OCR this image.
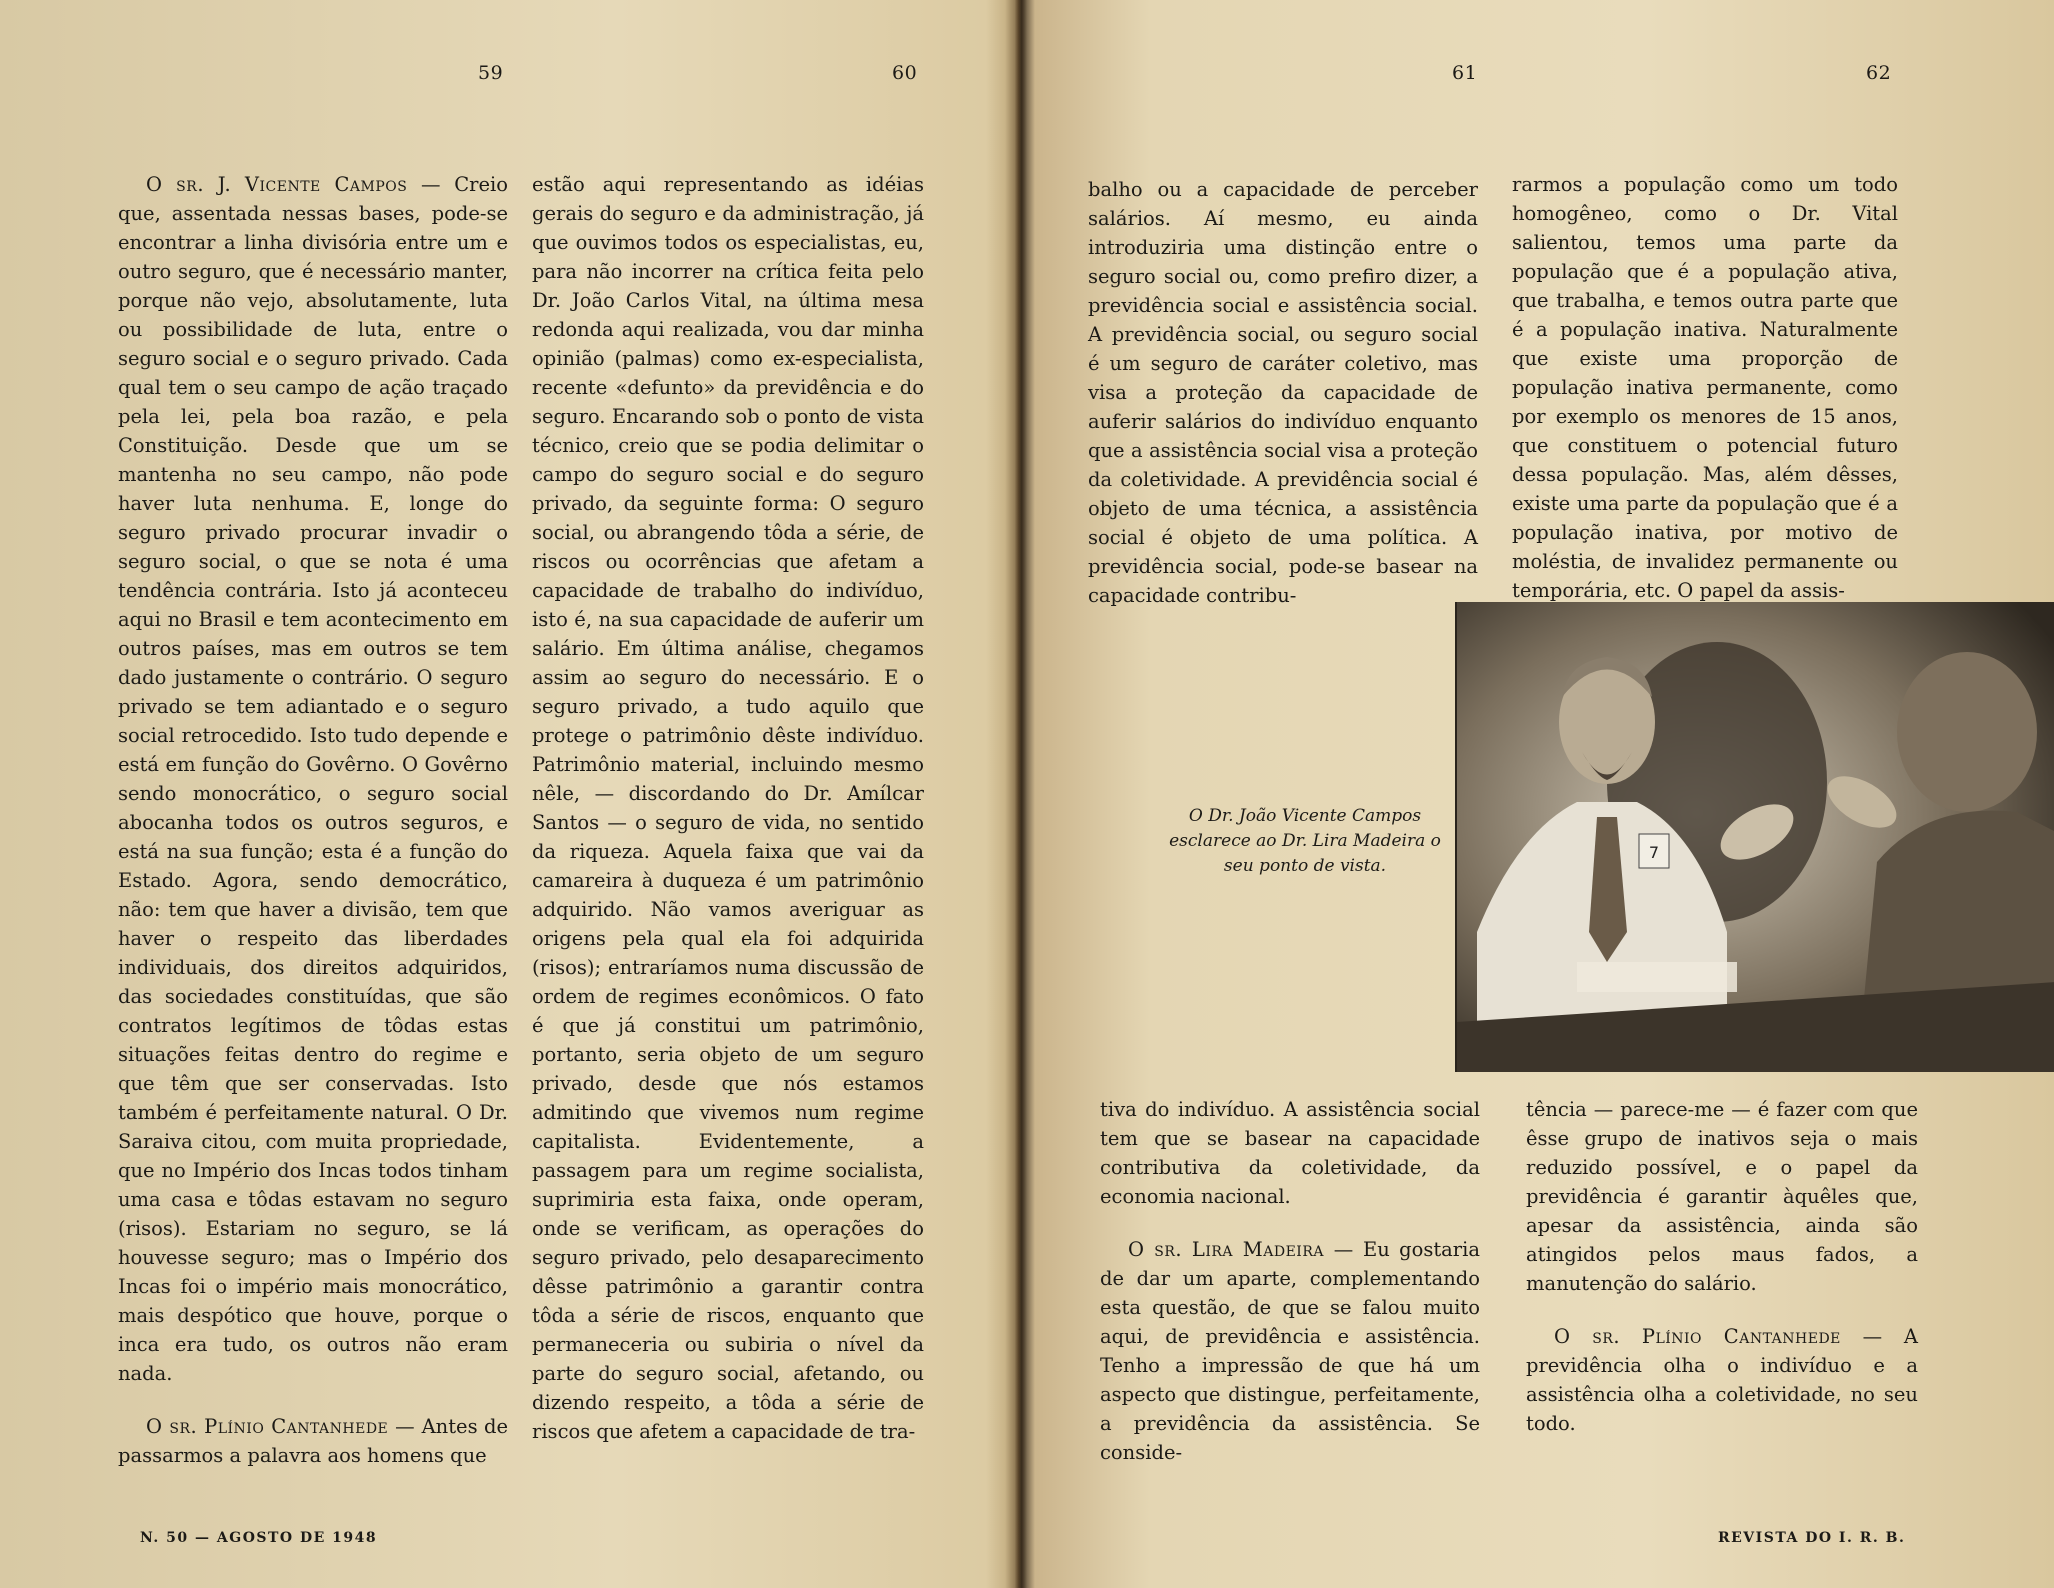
59	60	61	62

O sr. J. Vicente Campos — Creio que, assentada nessas bases, pode-se encontrar a linha divisória entre um e outro seguro, que é necessário manter, porque não vejo, absolutamente, luta ou possibilidade de luta, entre o seguro social e o seguro privado. Cada qual tem o seu campo de ação traçado pela lei, pela boa razão, e pela Constituição. Desde que um se mantenha no seu campo, não pode haver luta nenhuma. E, longe do seguro privado procurar invadir o seguro social, o que se nota é uma tendência contrária. Isto já aconteceu aqui no Brasil e tem acontecimento em outros países, mas em outros se tem dado justamente o contrário. O seguro privado se tem adiantado e o seguro social retrocedido. Isto tudo depende e está em função do Govêrno. O Govêrno sendo monocrático, o seguro social abocanha todos os outros seguros, e está na sua função; esta é a função do Estado. Agora, sendo democrático, não: tem que haver a divisão, tem que haver o respeito das liberdades individuais, dos direitos adquiridos, das sociedades constituídas, que são contratos legítimos de tôdas estas situações feitas dentro do regime e que têm que ser conservadas. Isto também é perfeitamente natural. O Dr. Saraiva citou, com muita propriedade, que no Império dos Incas todos tinham uma casa e tôdas estavam no seguro (risos). Estariam no seguro, se lá houvesse seguro; mas o Império dos Incas foi o império mais monocrático, mais despótico que houve, porque o inca era tudo, os outros não eram nada.

O sr. Plínio Cantanhede — Antes de passarmos a palavra aos homens que

estão aqui representando as idéias gerais do seguro e da administração, já que ouvimos todos os especialistas, eu, para não incorrer na crítica feita pelo Dr. João Carlos Vital, na última mesa redonda aqui realizada, vou dar minha opinião (palmas) como ex-especialista, recente «defunto» da previdência e do seguro. Encarando sob o ponto de vista técnico, creio que se podia delimitar o campo do seguro social e do seguro privado, da seguinte forma: O seguro social, ou abrangendo tôda a série, de riscos ou ocorrências que afetam a capacidade de trabalho do indivíduo, isto é, na sua capacidade de auferir um salário. Em última análise, chegamos assim ao seguro do necessário. E o seguro privado, a tudo aquilo que protege o patrimônio dêste indivíduo. Patrimônio material, incluindo mesmo nêle, — discordando do Dr. Amílcar Santos — o seguro de vida, no sentido da riqueza. Aquela faixa que vai da camareira à duqueza é um patrimônio adquirido. Não vamos averiguar as origens pela qual ela foi adquirida (risos); entraríamos numa discussão de ordem de regimes econômicos. O fato é que já constitui um patrimônio, portanto, seria objeto de um seguro privado, desde que nós estamos admitindo que vivemos num regime capitalista. Evidentemente, a passagem para um regime socialista, suprimiria esta faixa, onde operam, onde se verificam, as operações do seguro privado, pelo desaparecimento dêsse patrimônio a garantir contra tôda a série de riscos, enquanto que permaneceria ou subiria o nível da parte do seguro social, afetando, ou dizendo respeito, a tôda a série de riscos que afetem a capacidade de tra-

balho ou a capacidade de perceber salários. Aí mesmo, eu ainda introduziria uma distinção entre o seguro social ou, como prefiro dizer, a previdência social e assistência social. A previdência social, ou seguro social é um seguro de caráter coletivo, mas visa a proteção da capacidade de auferir salários do indivíduo enquanto que a assistência social visa a proteção da coletividade. A previdência social é objeto de uma técnica, a assistência social é objeto de uma política. A previdência social, pode-se basear na capacidade contribu-

tiva do indivíduo. A assistência social tem que se basear na capacidade contributiva da coletividade, da economia nacional.

O sr. Lira Madeira — Eu gostaria de dar um aparte, complementando esta questão, de que se falou muito aqui, de previdência e assistência. Tenho a impressão de que há um aspecto que distingue, perfeitamente, a previdência da assistência. Se conside-

rarmos a população como um todo homogêneo, como o Dr. Vital salientou, temos uma parte da população que é a população ativa, que trabalha, e temos outra parte que é a população inativa. Naturalmente que existe uma proporção de população inativa permanente, como por exemplo os menores de 15 anos, que constituem o potencial futuro dessa população. Mas, além dêsses, existe uma parte da população que é a população inativa, por motivo de moléstia, de invalidez permanente ou temporária, etc. O papel da assis-

tência — parece-me — é fazer com que êsse grupo de inativos seja o mais reduzido possível, e o papel da previdência é garantir àquêles que, apesar da assistência, ainda são atingidos pelos maus fados, a manutenção do salário.

O sr. Plínio Cantanhede — A previdência olha o indivíduo e a assistência olha a coletividade, no seu todo.

7
O Dr. João Vicente Campos esclarece ao Dr. Lira Madeira o seu ponto de vista.
N. 50 — AGOSTO DE 1948	REVISTA DO I. R. B.
